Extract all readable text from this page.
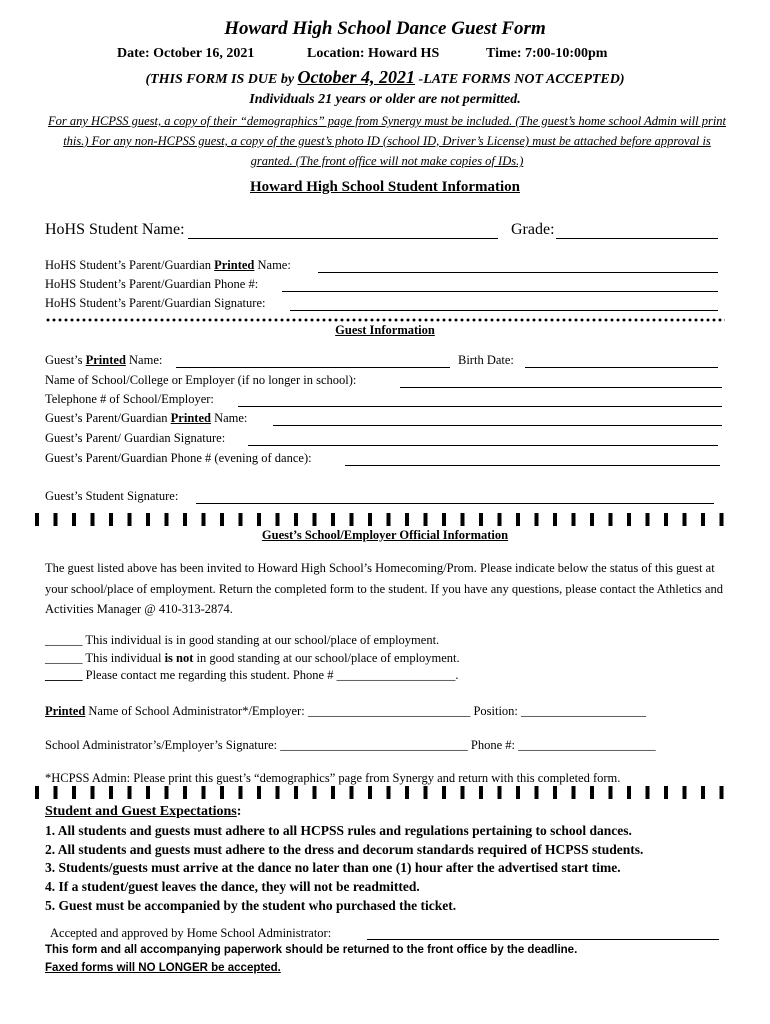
Howard High School Dance Guest Form
Date: October 16, 2021	Location: Howard HS	Time: 7:00-10:00pm
(THIS FORM IS DUE by October 4, 2021 -LATE FORMS NOT ACCEPTED)
Individuals 21 years or older are not permitted.
For any HCPSS guest, a copy of their “demographics” page from Synergy must be included. (The guest’s home school Admin will print this.) For any non-HCPSS guest, a copy of the guest’s photo ID (school ID, Driver’s License) must be attached before approval is granted. (The front office will not make copies of IDs.)
Howard High School Student Information
HoHS Student Name:	Grade:
HoHS Student’s Parent/Guardian Printed Name:
HoHS Student’s Parent/Guardian Phone #:
HoHS Student’s Parent/Guardian Signature:
Guest Information
Guest’s Printed Name:	Birth Date:
Name of School/College or Employer (if no longer in school):
Telephone # of School/Employer:
Guest’s Parent/Guardian Printed Name:
Guest’s Parent/ Guardian Signature:
Guest’s Parent/Guardian Phone # (evening of dance):
Guest’s Student Signature:
Guest’s School/Employer Official Information
The guest listed above has been invited to Howard High School’s Homecoming/Prom. Please indicate below the status of this guest at your school/place of employment. Return the completed form to the student. If you have any questions, please contact the Athletics and Activities Manager @ 410-313-2874.
______ This individual is in good standing at our school/place of employment.
______ This individual is not in good standing at our school/place of employment.
______ Please contact me regarding this student. Phone # ___________________.
Printed Name of School Administrator*/Employer: __________________________ Position: ____________________
School Administrator’s/Employer’s Signature: ______________________________ Phone #: ______________________
*HCPSS Admin: Please print this guest’s “demographics” page from Synergy and return with this completed form.
Student and Guest Expectations:
1. All students and guests must adhere to all HCPSS rules and regulations pertaining to school dances.
2. All students and guests must adhere to the dress and decorum standards required of HCPSS students.
3. Students/guests must arrive at the dance no later than one (1) hour after the advertised start time.
4. If a student/guest leaves the dance, they will not be readmitted.
5. Guest must be accompanied by the student who purchased the ticket.
Accepted and approved by Home School Administrator:
This form and all accompanying paperwork should be returned to the front office by the deadline.
Faxed forms will NO LONGER be accepted.
